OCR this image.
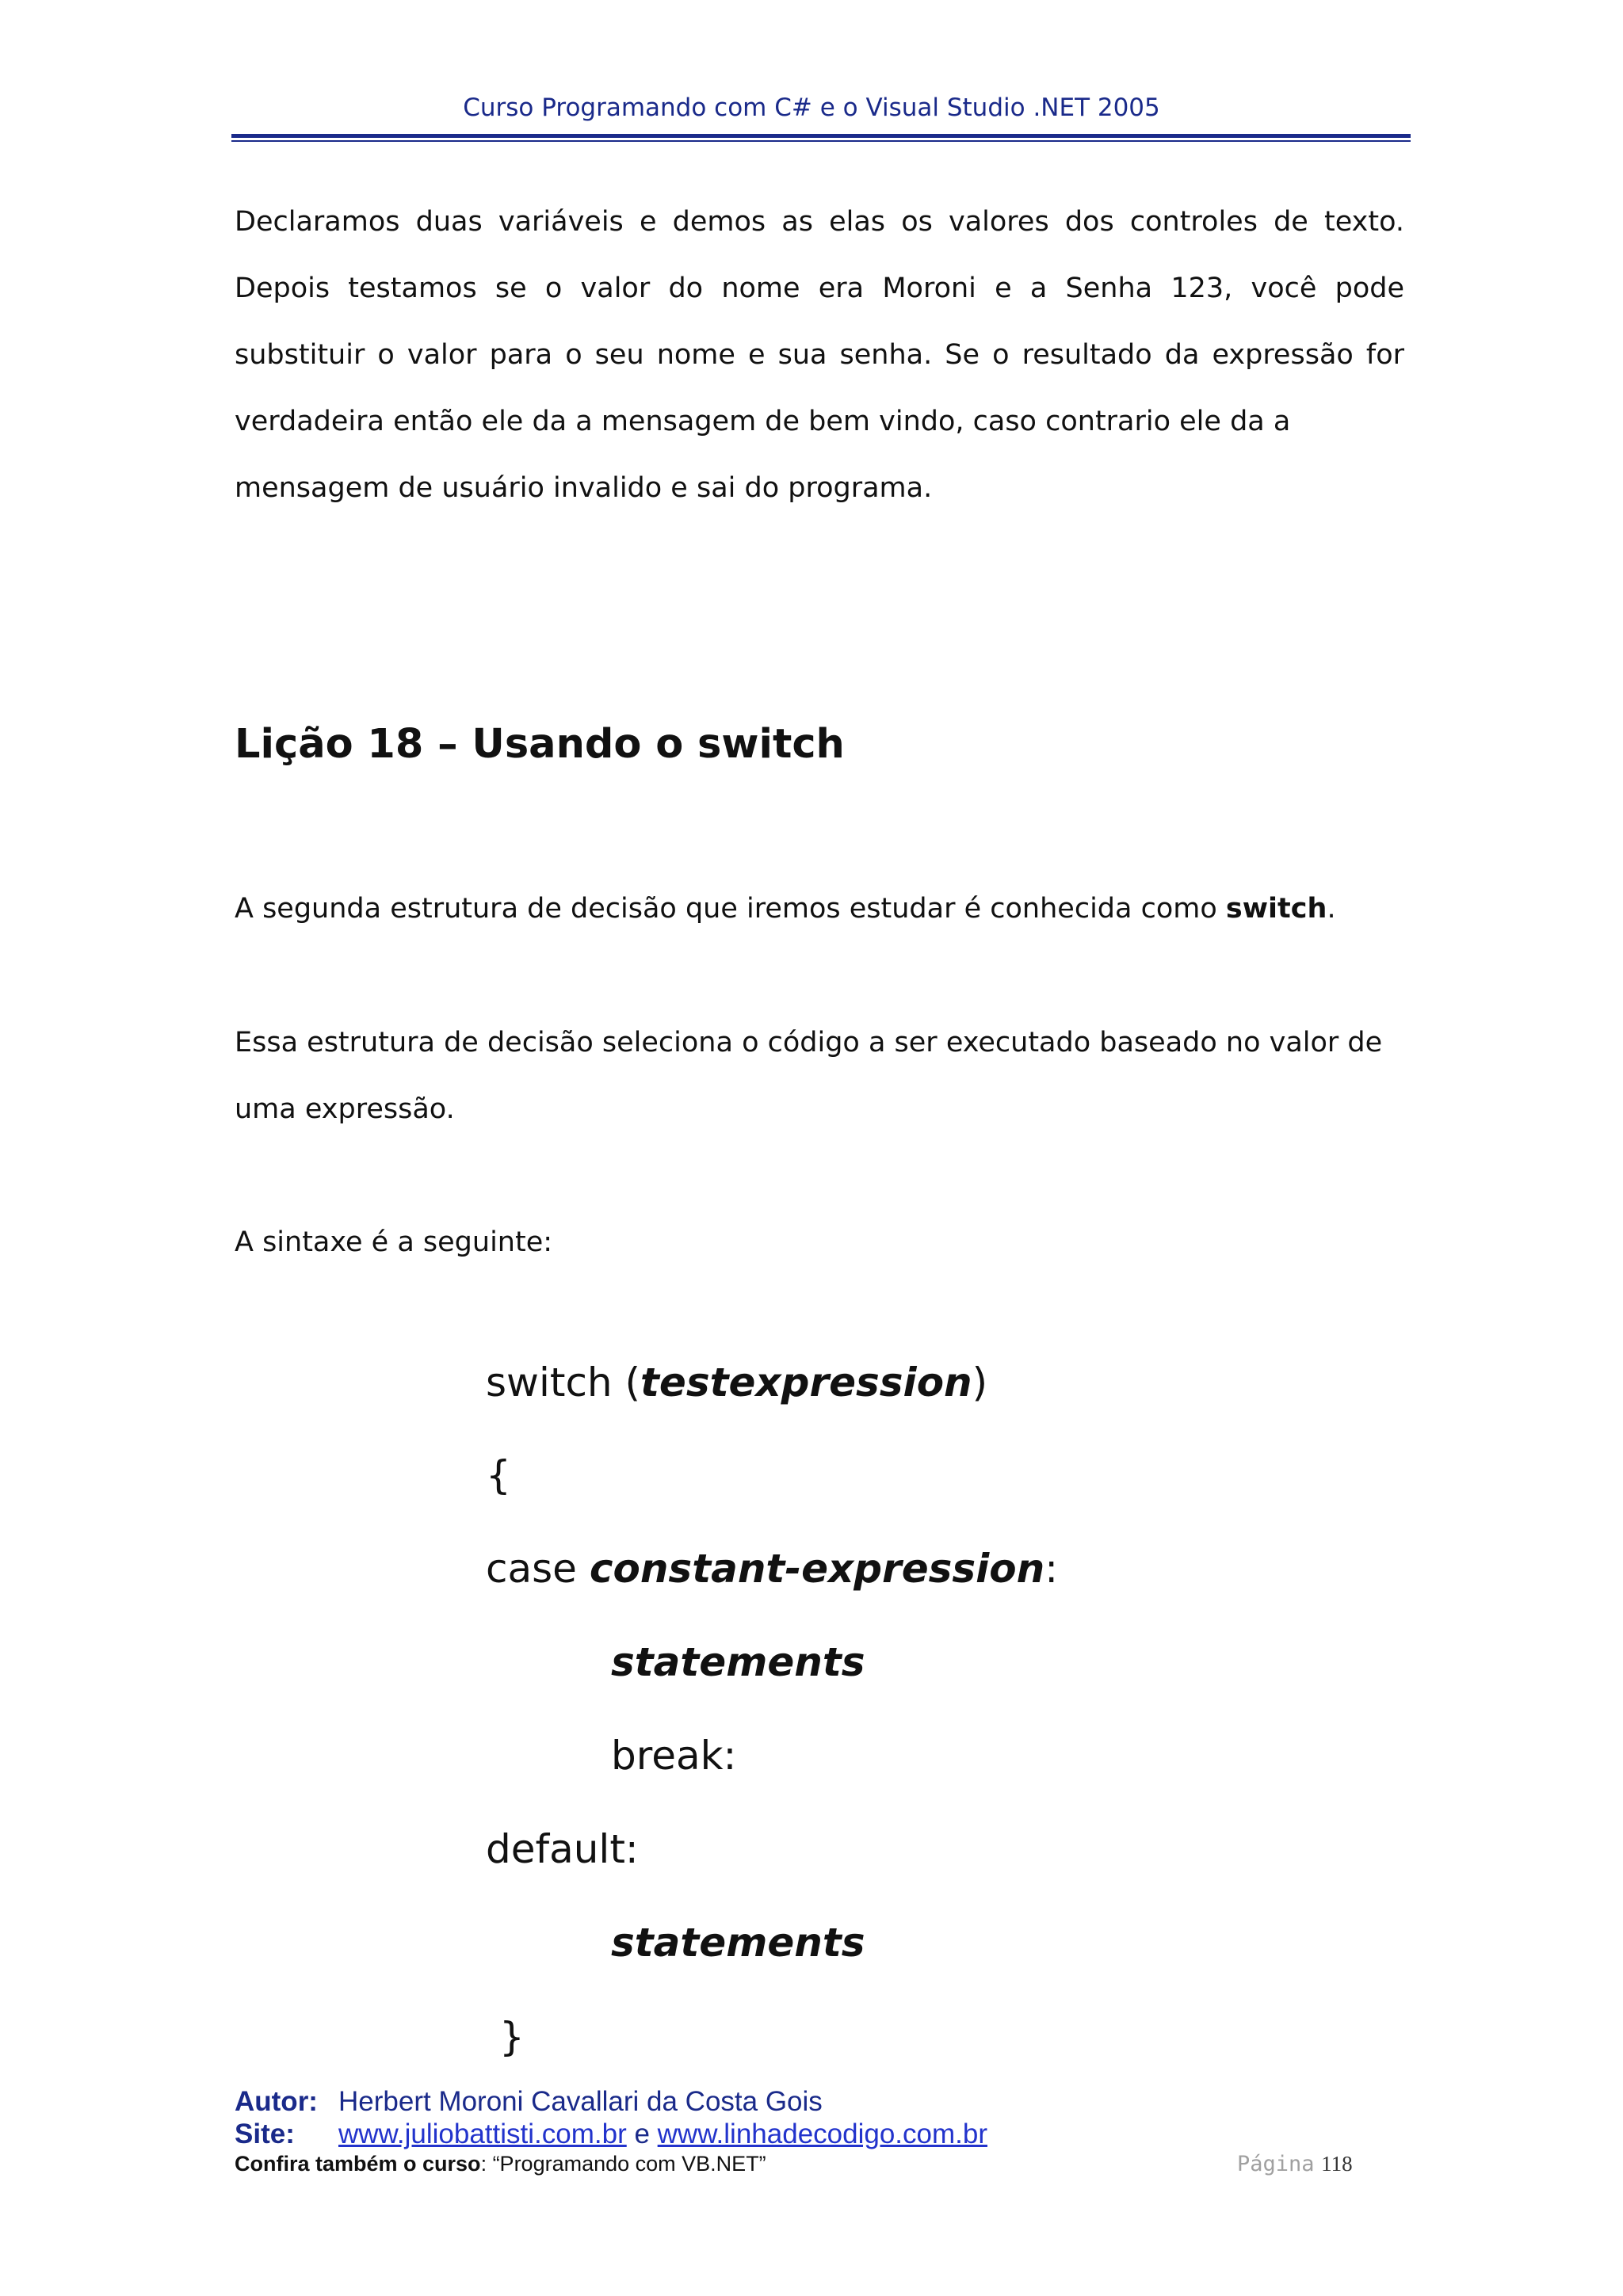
Curso Programando com C# e o Visual Studio .NET 2005

Declaramos duas variáveis e demos as elas os valores dos controles de texto. Depois testamos se o valor do nome era Moroni e a Senha 123, você pode substituir o valor para o seu nome e sua senha. Se o resultado da expressão for verdadeira então ele da a mensagem de bem vindo, caso contrario ele da a
mensagem de usuário invalido e sai do programa.

Lição 18 – Usando o switch

A segunda estrutura de decisão que iremos estudar é conhecida como switch.

Essa estrutura de decisão seleciona o código a ser executado baseado no valor de
uma expressão.

A sintaxe é a seguinte:

switch (testexpression)
{
case constant-expression:
statements
break:
default:
statements
}
Autor: Herbert Moroni Cavallari da Costa Gois
Site: www.juliobattisti.com.br e www.linhadecodigo.com.br
Confira também o curso: “Programando com VB.NET”	Página 118
